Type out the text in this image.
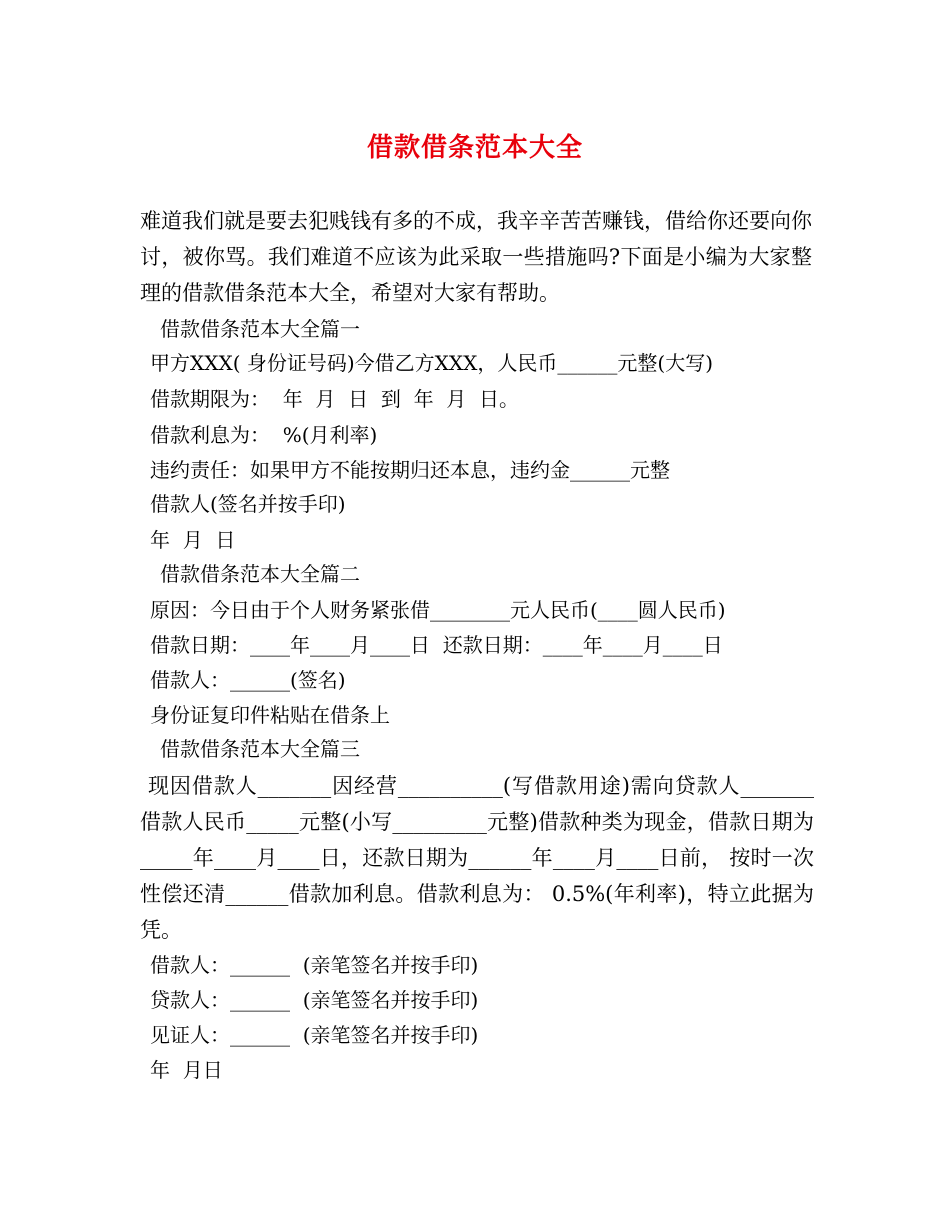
借款借条范本大全
难道我们就是要去犯贱钱有多的不成，我辛辛苦苦赚钱，借给你还要向你讨，被你骂。我们难道不应该为此采取一些措施吗?下面是小编为大家整理的借款借条范本大全，希望对大家有帮助。
借款借条范本大全篇一
甲方XXX( 身份证号码)今借乙方XXX，人民币______元整(大写)
借款期限为：  年  月  日  到  年  月  日。
借款利息为：  %(月利率)
违约责任：如果甲方不能按期归还本息，违约金______元整
借款人(签名并按手印)
年  月  日
借款借条范本大全篇二
原因：今日由于个人财务紧张借________元人民币(____圆人民币)
借款日期：____年____月____日  还款日期：____年____月____日
借款人：______(签名)
身份证复印件粘贴在借条上
借款借条范本大全篇三
现因借款人_______因经营__________(写借款用途)需向贷款人_______借款人民币_____元整(小写_________元整)借款种类为现金，借款日期为_____年____月____日，还款日期为______年____月____日前， 按时一次性偿还清______借款加利息。借款利息为： 0.5%(年利率)，特立此据为凭。
借款人：______  (亲笔签名并按手印)
贷款人：______  (亲笔签名并按手印)
见证人：______  (亲笔签名并按手印)
年  月日
